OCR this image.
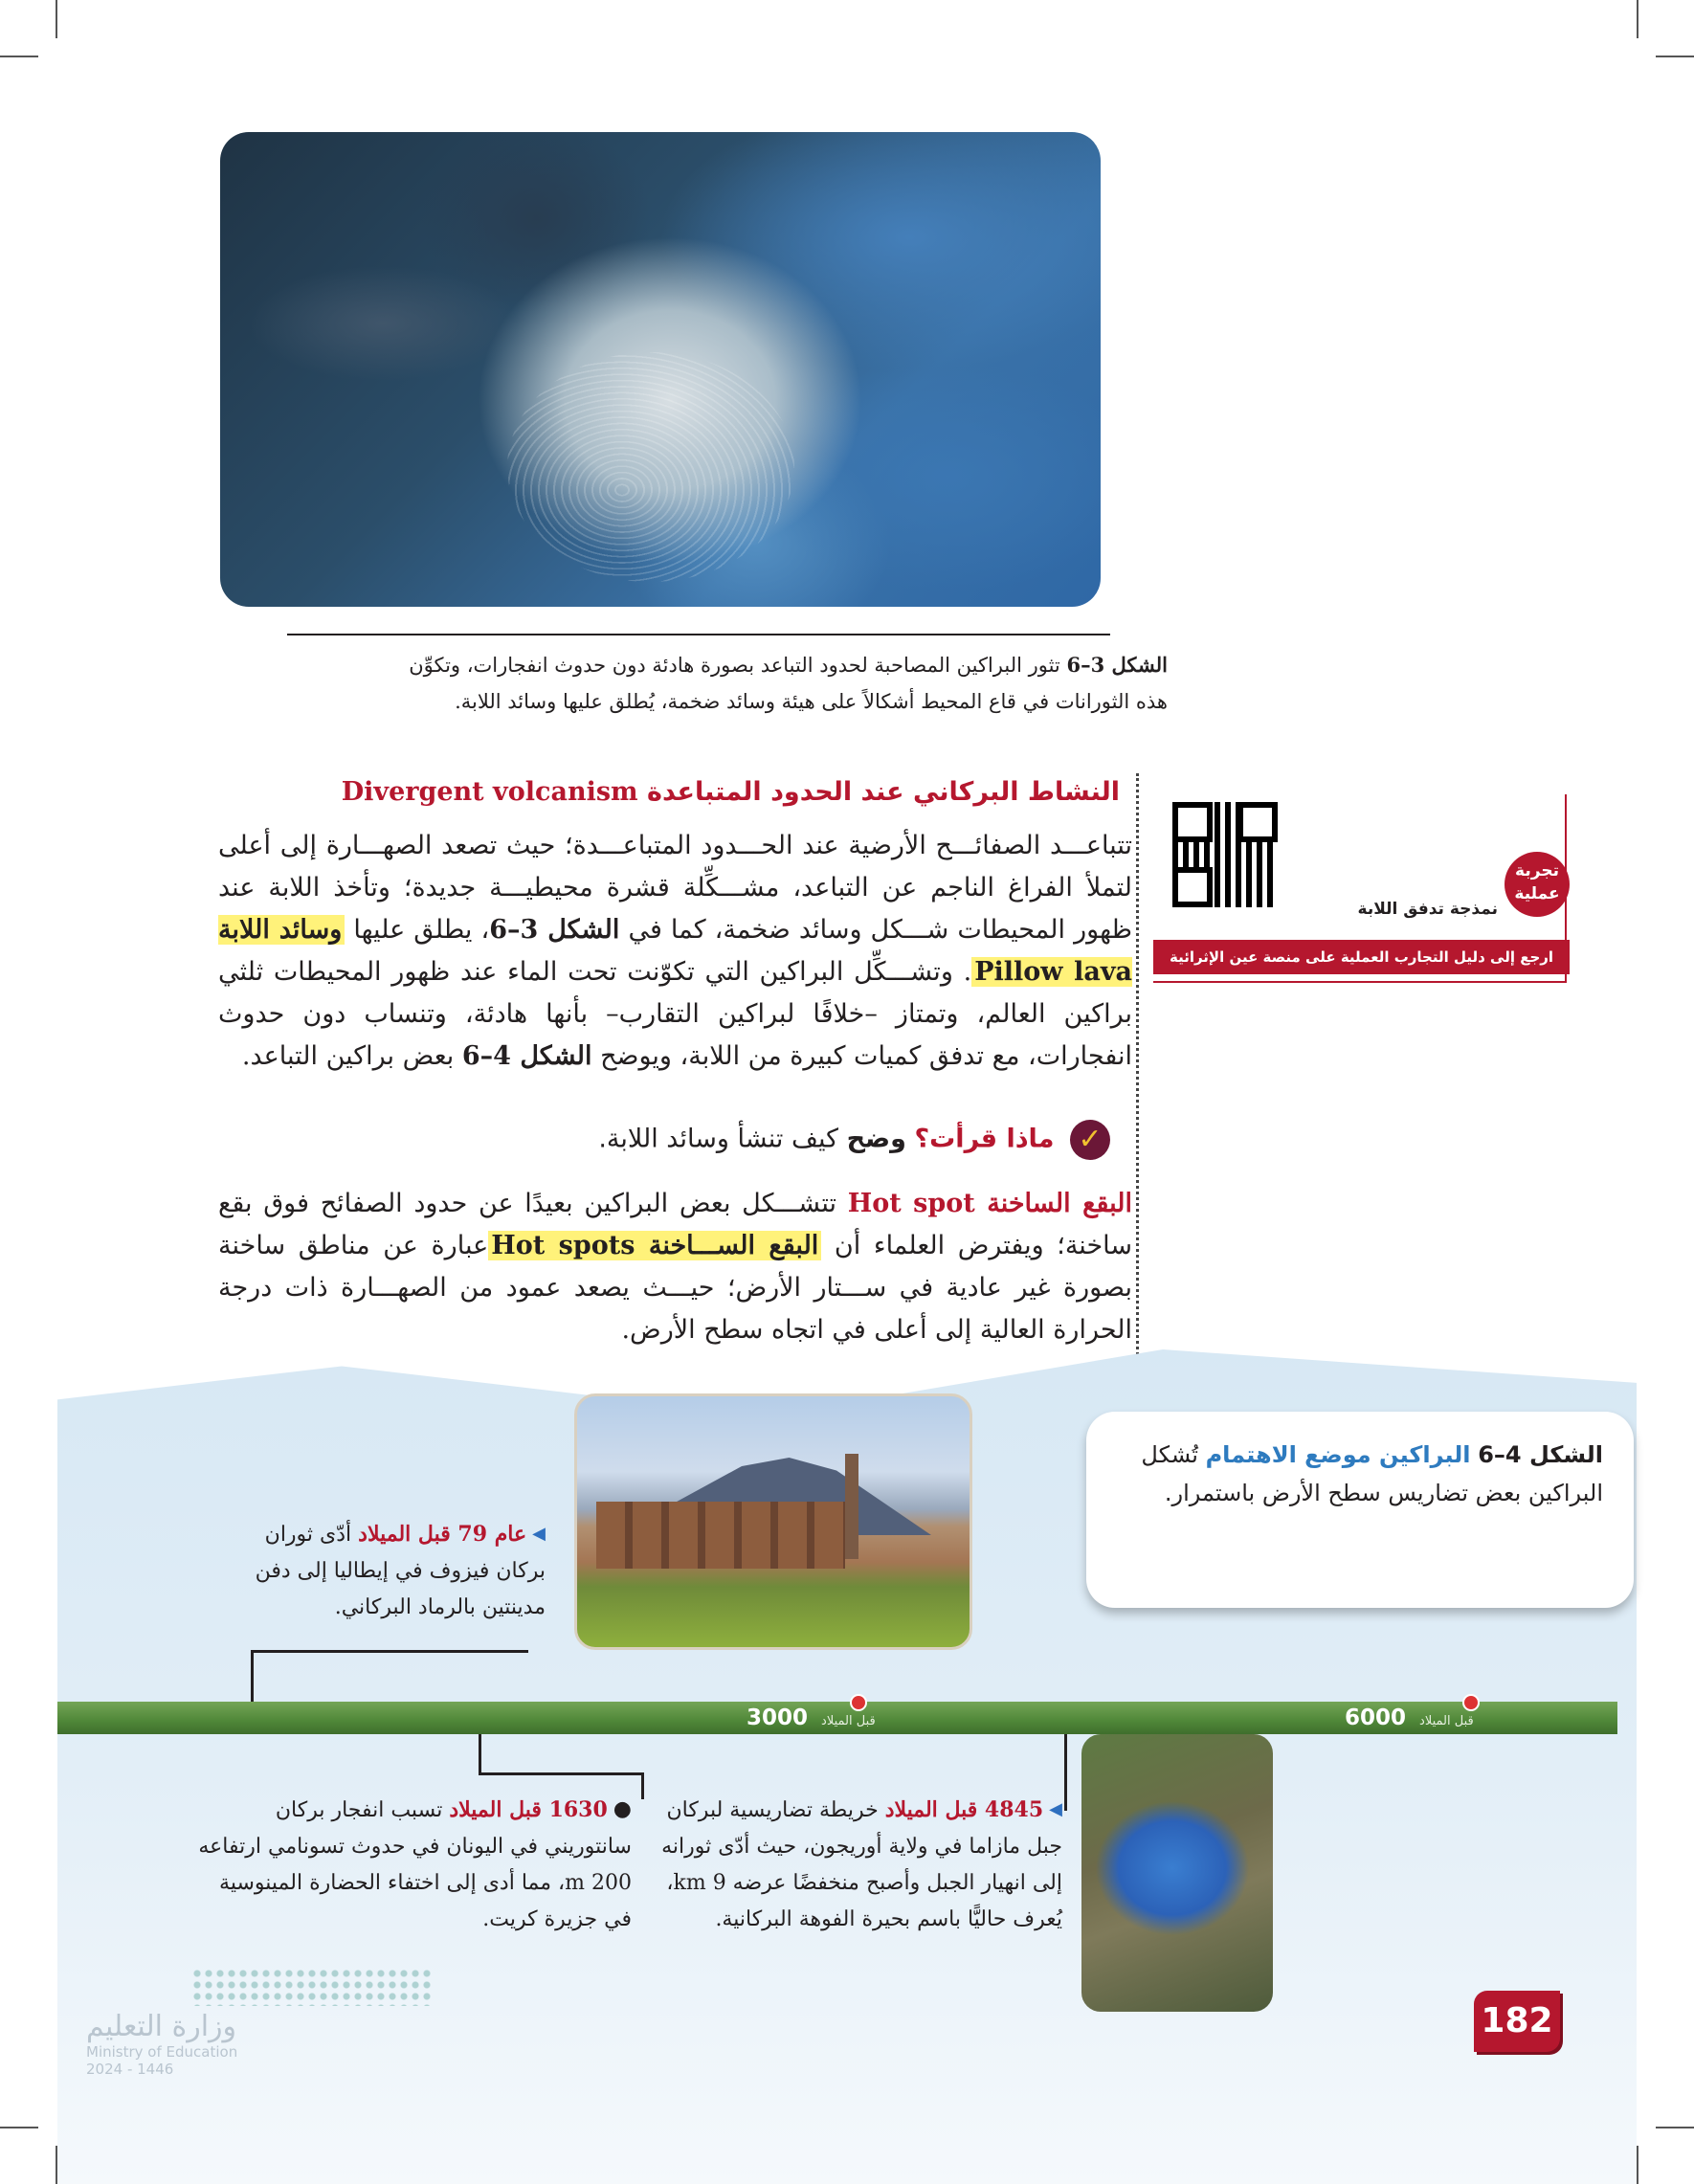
الشكل 3–6 تثور البراكين المصاحبة لحدود التباعد بصورة هادئة دون حدوث انفجارات، وتكوِّن
هذه الثورانات في قاع المحيط أشكالاً على هيئة وسائد ضخمة، يُطلق عليها وسائد اللابة.
النشاط البركاني عند الحدود المتباعدة Divergent volcanism
تتباعـــد الصفائـــح الأرضية عند الحـــدود المتباعـــدة؛ حيث تصعد الصهـــارة إلى أعلى لتملأ الفراغ الناجم عن التباعد، مشـــكِّلة قشرة محيطيـــة جديدة؛ وتأخذ اللابة عند ظهور المحيطات شـــكل وسائد ضخمة، كما في الشكل 3–6، يطلق عليها وسائد اللابة Pillow lava. وتشـــكِّل البراكين التي تكوّنت تحت الماء عند ظهور المحيطات ثلثي براكين العالم، وتمتاز –خلافًا لبراكين التقارب– بأنها هادئة، وتنساب دون حدوث انفجارات، مع تدفق كميات كبيرة من اللابة، ويوضح الشكل 4–6 بعض براكين التباعد.
✓ ماذا قرأت؟ وضح كيف تنشأ وسائد اللابة.
البقع الساخنة Hot spot تتشـــكل بعض البراكين بعيدًا عن حدود الصفائح فوق بقع ساخنة؛ ويفترض العلماء أن البقع الســـاخنة Hot spotsعبارة عن مناطق ساخنة بصورة غير عادية في ســـتار الأرض؛ حيـــث يصعد عمود من الصهـــارة ذات درجة الحرارة العالية إلى أعلى في اتجاه سطح الأرض.
تجربة
عملية
نمذجة تدفق اللابة
ارجع إلى دليل التجارب العملية على منصة عين الإثرائية
الشكل 4–6 البراكين موضع الاهتمام تُشكل البراكين بعض تضاريس سطح الأرض باستمرار.
◀
عام 79 قبل الميلاد أدّى ثوران بركان فيزوف في إيطاليا إلى دفن مدينتين بالرماد البركاني.
قبل الميلاد 3000	قبل الميلاد 6000
◀
4845 قبل الميلاد خريطة تضاريسية لبركان جبل مازاما في ولاية أوريجون، حيث أدّى ثورانه إلى انهيار الجبل وأصبح منخفضًا عرضه 9 km، يُعرف حاليًّا باسم بحيرة الفوهة البركانية.
●
1630 قبل الميلاد تسبب انفجار بركان سانتوريني في اليونان في حدوث تسونامي ارتفاعه 200 m، مما أدى إلى اختفاء الحضارة المينوسية في جزيرة كريت.
182
وزارة التعليم
Ministry of Education
2024 - 1446
